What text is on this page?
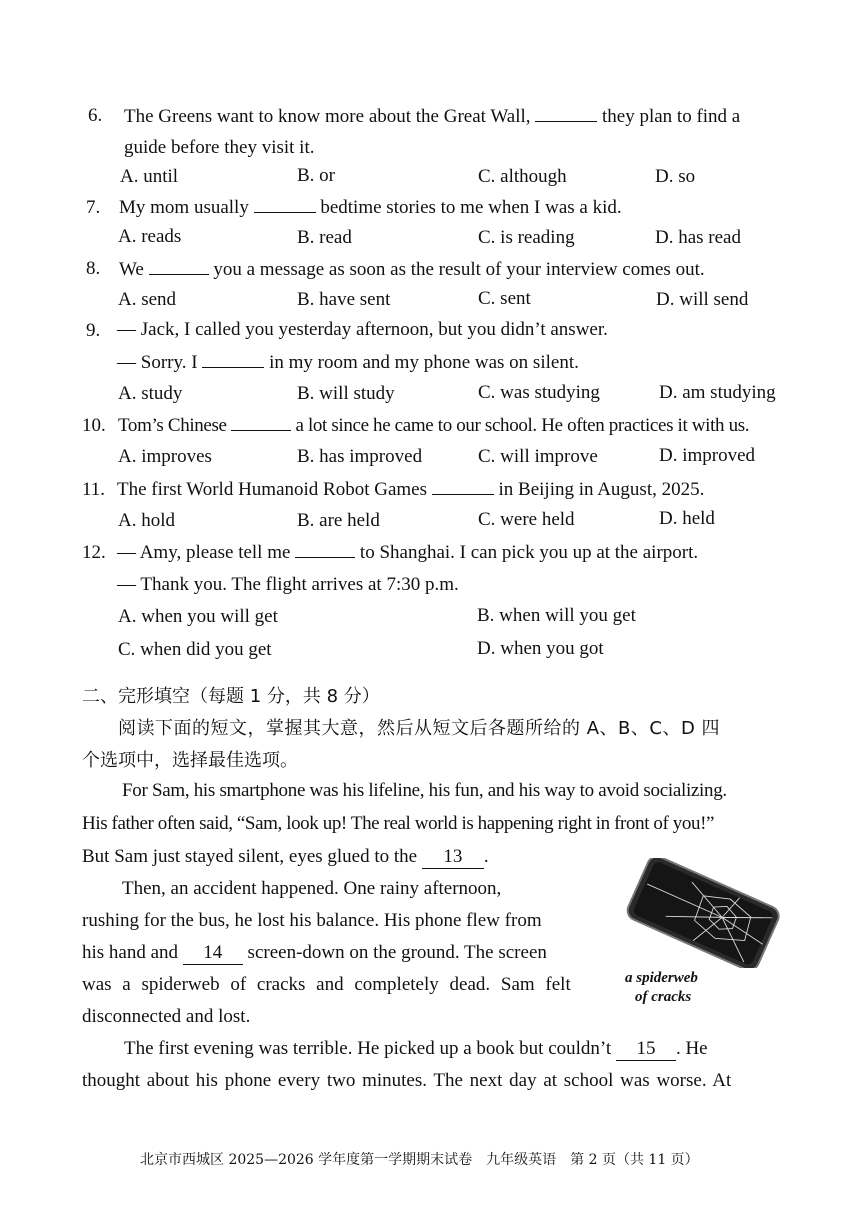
6. The Greens want to know more about the Great Wall,	they plan to find a
guide before they visit it.
A. until	B. or	C. although	D. so
7. My mom usually	bedtime stories to me when I was a kid.
A. reads	B. read	C. is reading	D. has read
8. We	you a message as soon as the result of your interview comes out.
A. send	B. have sent	C. sent	D. will send
9. — Jack, I called you yesterday afternoon, but you didn’t answer.
— Sorry. I	in my room and my phone was on silent.
A. study	B. will study	C. was studying	D. am studying
10. Tom’s Chinese	a lot since he came to our school. He often practices it with us.
A. improves	B. has improved	C. will improve	D. improved
11. The first World Humanoid Robot Games	in Beijing in August, 2025.
A. hold	B. are held	C. were held	D. held
12. — Amy, please tell me	to Shanghai. I can pick you up at the airport.
— Thank you. The flight arrives at 7:30 p.m.
A. when you will get	B. when will you get
C. when did you get	D. when you got
二、完形填空（每题 1 分，共 8 分）
阅读下面的短文，掌握其大意，然后从短文后各题所给的 A、B、C、D 四
个选项中，选择最佳选项。
For Sam, his smartphone was his lifeline, his fun, and his way to avoid socializing.
His father often said, “Sam, look up! The real world is happening right in front of you!”
But Sam just stayed silent, eyes glued to the 13 .
Then, an accident happened. One rainy afternoon,
rushing for the bus, he lost his balance. His phone flew from
his hand and 14 screen-down on the ground. The screen
was a spiderweb of cracks and completely dead. Sam felt
disconnected and lost.
The first evening was terrible. He picked up a book but couldn’t 15 . He
thought about his phone every two minutes. The next day at school was worse. At
a spiderweb
of cracks
北京市西城区 2025—2026 学年度第一学期期末试卷　九年级英语　第 2 页（共 11 页）
